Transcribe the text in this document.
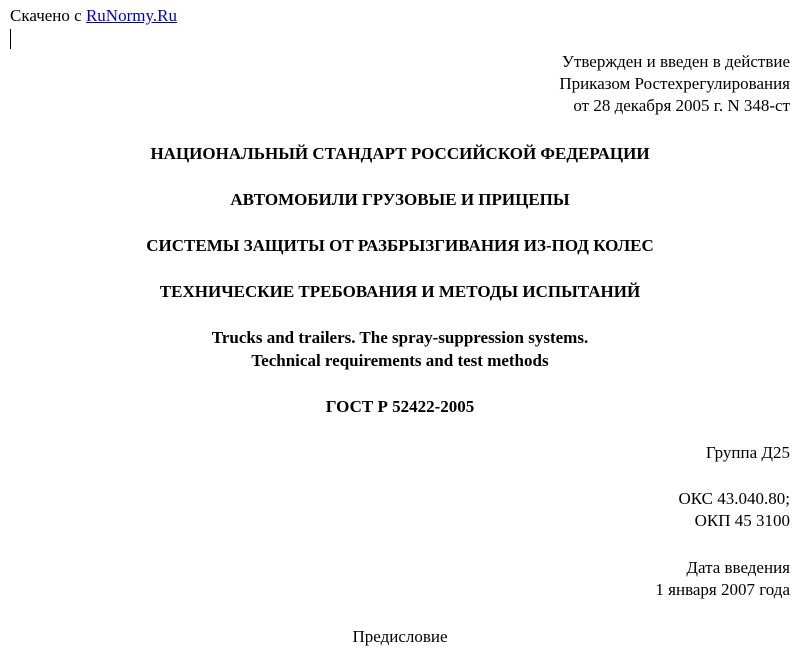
Скачено с RuNormy.Ru
Утвержден и введен в действие
Приказом Ростехрегулирования
от 28 декабря 2005 г. N 348-ст
НАЦИОНАЛЬНЫЙ СТАНДАРТ РОССИЙСКОЙ ФЕДЕРАЦИИ
АВТОМОБИЛИ ГРУЗОВЫЕ И ПРИЦЕПЫ
СИСТЕМЫ ЗАЩИТЫ ОТ РАЗБРЫЗГИВАНИЯ ИЗ-ПОД КОЛЕС
ТЕХНИЧЕСКИЕ ТРЕБОВАНИЯ И МЕТОДЫ ИСПЫТАНИЙ
Trucks and trailers. The spray-suppression systems.
Technical requirements and test methods
ГОСТ Р 52422-2005
Группа Д25
ОКС 43.040.80;
ОКП 45 3100
Дата введения
1 января 2007 года
Предисловие
